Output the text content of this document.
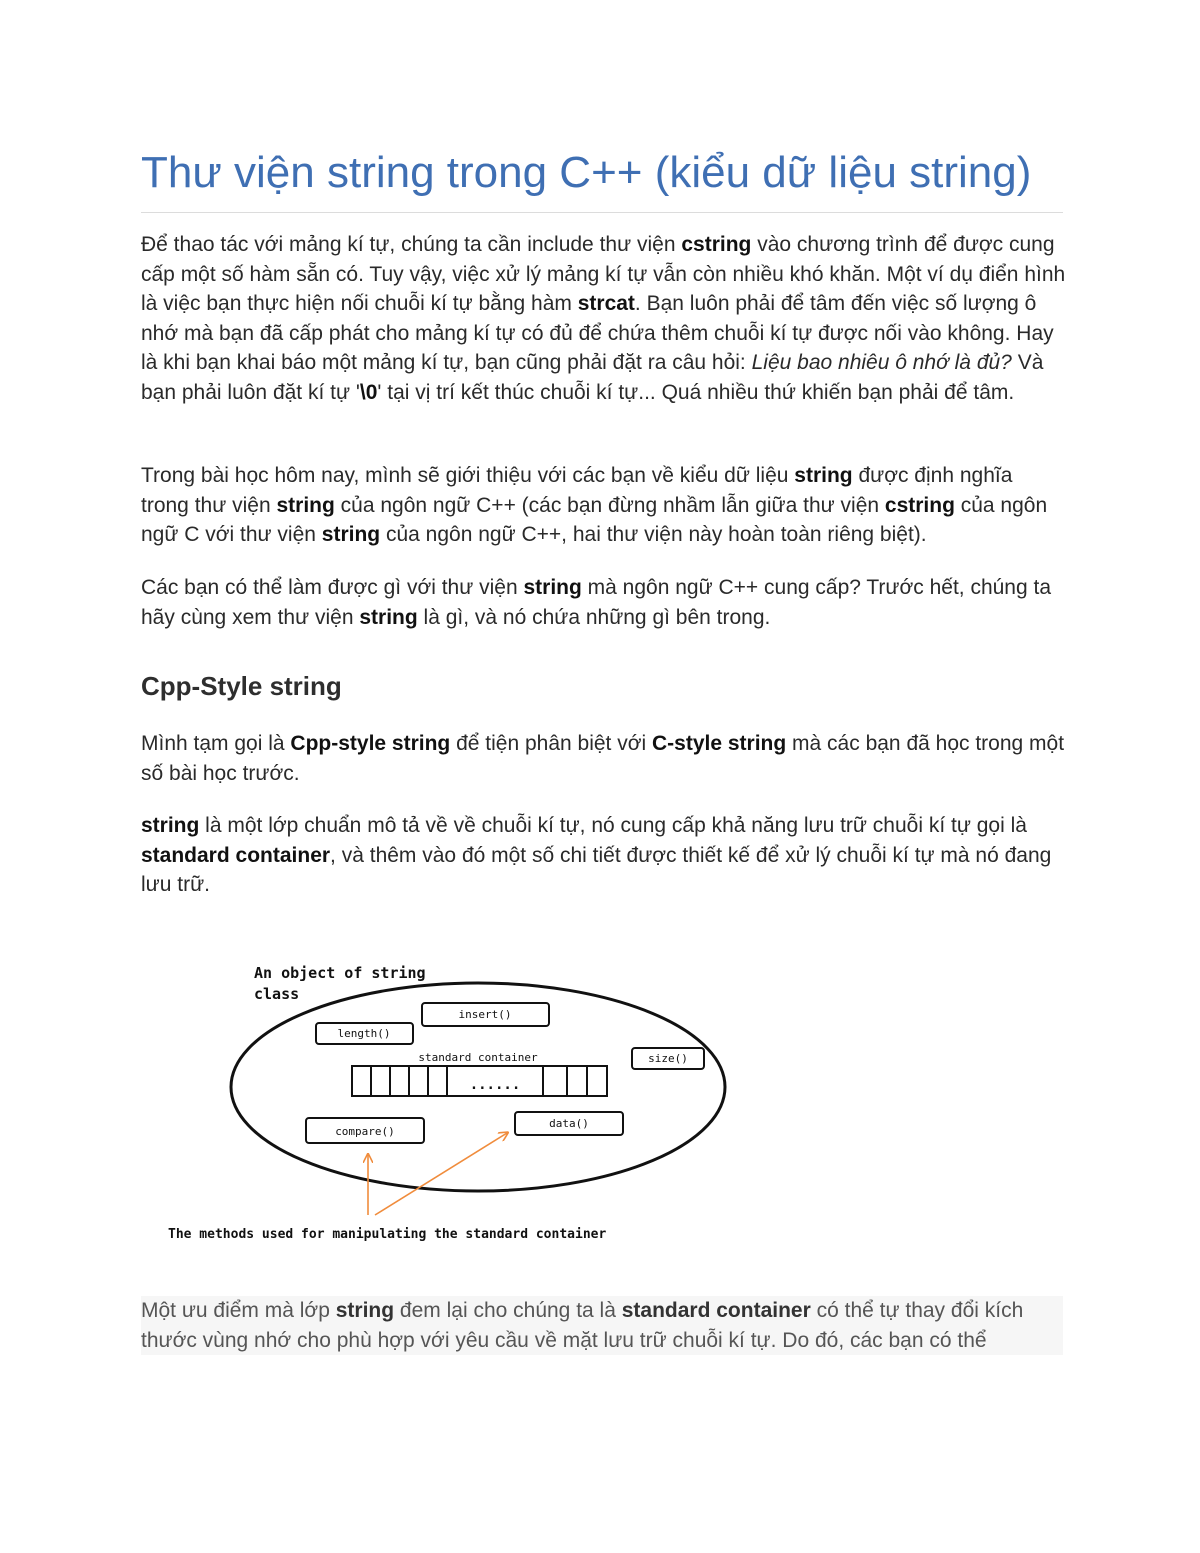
Thư viện string trong C++ (kiểu dữ liệu string)

Để thao tác với mảng kí tự, chúng ta cần include thư viện cstring vào chương trình để được cung cấp một số hàm sẵn có. Tuy vậy, việc xử lý mảng kí tự vẫn còn nhiều khó khăn. Một ví dụ điển hình là việc bạn thực hiện nối chuỗi kí tự bằng hàm strcat. Bạn luôn phải để tâm đến việc số lượng ô nhớ mà bạn đã cấp phát cho mảng kí tự có đủ để chứa thêm chuỗi kí tự được nối vào không. Hay là khi bạn khai báo một mảng kí tự, bạn cũng phải đặt ra câu hỏi: Liệu bao nhiêu ô nhớ là đủ? Và bạn phải luôn đặt kí tự '\0' tại vị trí kết thúc chuỗi kí tự... Quá nhiều thứ khiến bạn phải để tâm.

Trong bài học hôm nay, mình sẽ giới thiệu với các bạn về kiểu dữ liệu string được định nghĩa trong thư viện string của ngôn ngữ C++ (các bạn đừng nhầm lẫn giữa thư viện cstring của ngôn ngữ C với thư viện string của ngôn ngữ C++, hai thư viện này hoàn toàn riêng biệt).

Các bạn có thể làm được gì với thư viện string mà ngôn ngữ C++ cung cấp? Trước hết, chúng ta hãy cùng xem thư viện string là gì, và nó chứa những gì bên trong.

Cpp-Style string

Mình tạm gọi là Cpp-style string để tiện phân biệt với C-style string mà các bạn đã học trong một số bài học trước.

string là một lớp chuẩn mô tả về về chuỗi kí tự, nó cung cấp khả năng lưu trữ chuỗi kí tự gọi là standard container, và thêm vào đó một số chi tiết được thiết kế để xử lý chuỗi kí tự mà nó đang lưu trữ.

An object of string
class
insert()
length()
size()
standard container
......
compare()
data()
The methods used for manipulating the standard container

Một ưu điểm mà lớp string đem lại cho chúng ta là standard container có thể tự thay đổi kích thước vùng nhớ cho phù hợp với yêu cầu về mặt lưu trữ chuỗi kí tự. Do đó, các bạn có thể
